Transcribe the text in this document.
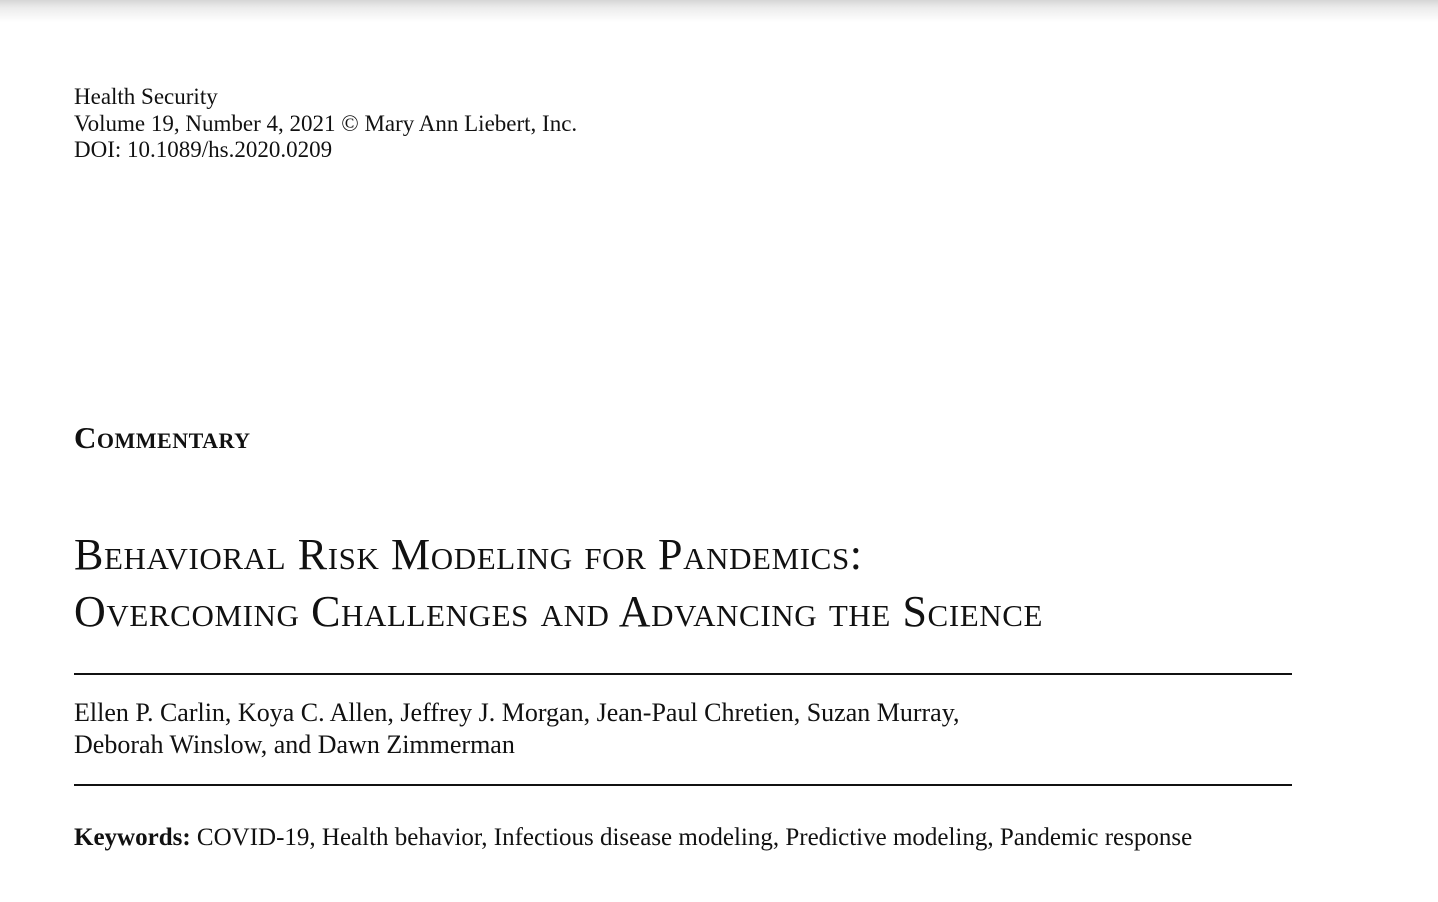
Health Security
Volume 19, Number 4, 2021 © Mary Ann Liebert, Inc.
DOI: 10.1089/hs.2020.0209
Commentary
Behavioral Risk Modeling for Pandemics:
Overcoming Challenges and Advancing the Science
Ellen P. Carlin, Koya C. Allen, Jeffrey J. Morgan, Jean-Paul Chretien, Suzan Murray,
Deborah Winslow, and Dawn Zimmerman
Keywords: COVID-19, Health behavior, Infectious disease modeling, Predictive modeling, Pandemic response
